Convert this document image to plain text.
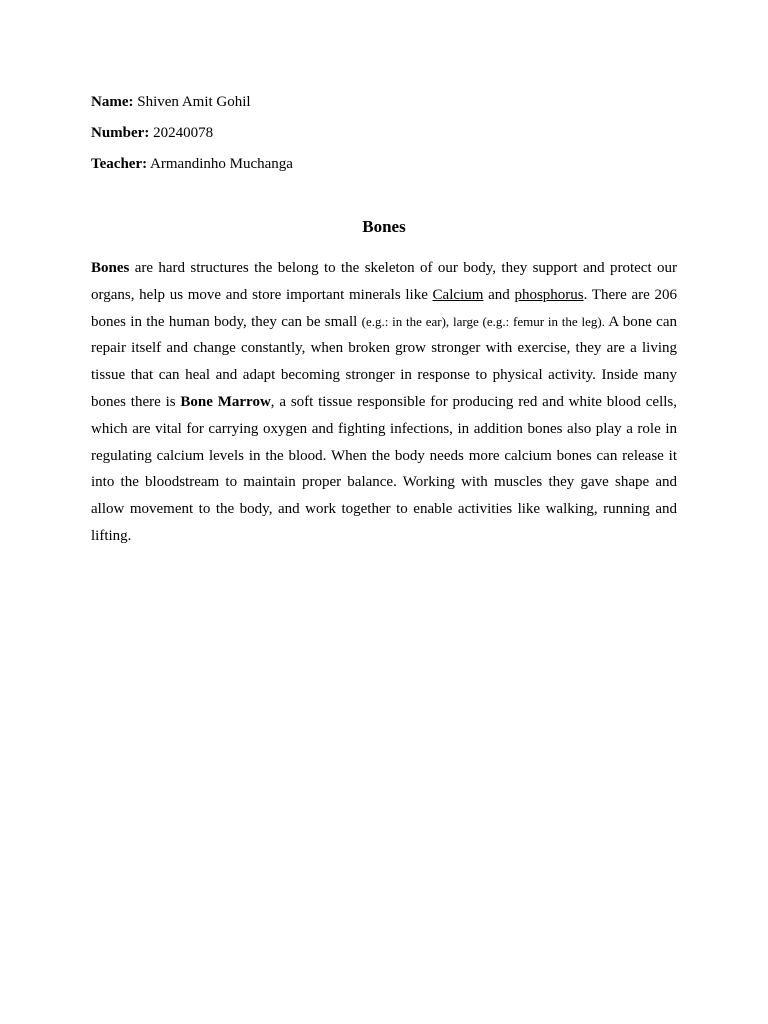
Name: Shiven Amit Gohil
Number: 20240078
Teacher: Armandinho Muchanga
Bones
Bones are hard structures the belong to the skeleton of our body, they support and protect our organs, help us move and store important minerals like Calcium and phosphorus. There are 206 bones in the human body, they can be small (e.g.: in the ear), large (e.g.: femur in the leg). A bone can repair itself and change constantly, when broken grow stronger with exercise, they are a living tissue that can heal and adapt becoming stronger in response to physical activity. Inside many bones there is Bone Marrow, a soft tissue responsible for producing red and white blood cells, which are vital for carrying oxygen and fighting infections, in addition bones also play a role in regulating calcium levels in the blood. When the body needs more calcium bones can release it into the bloodstream to maintain proper balance. Working with muscles they gave shape and allow movement to the body, and work together to enable activities like walking, running and lifting.
